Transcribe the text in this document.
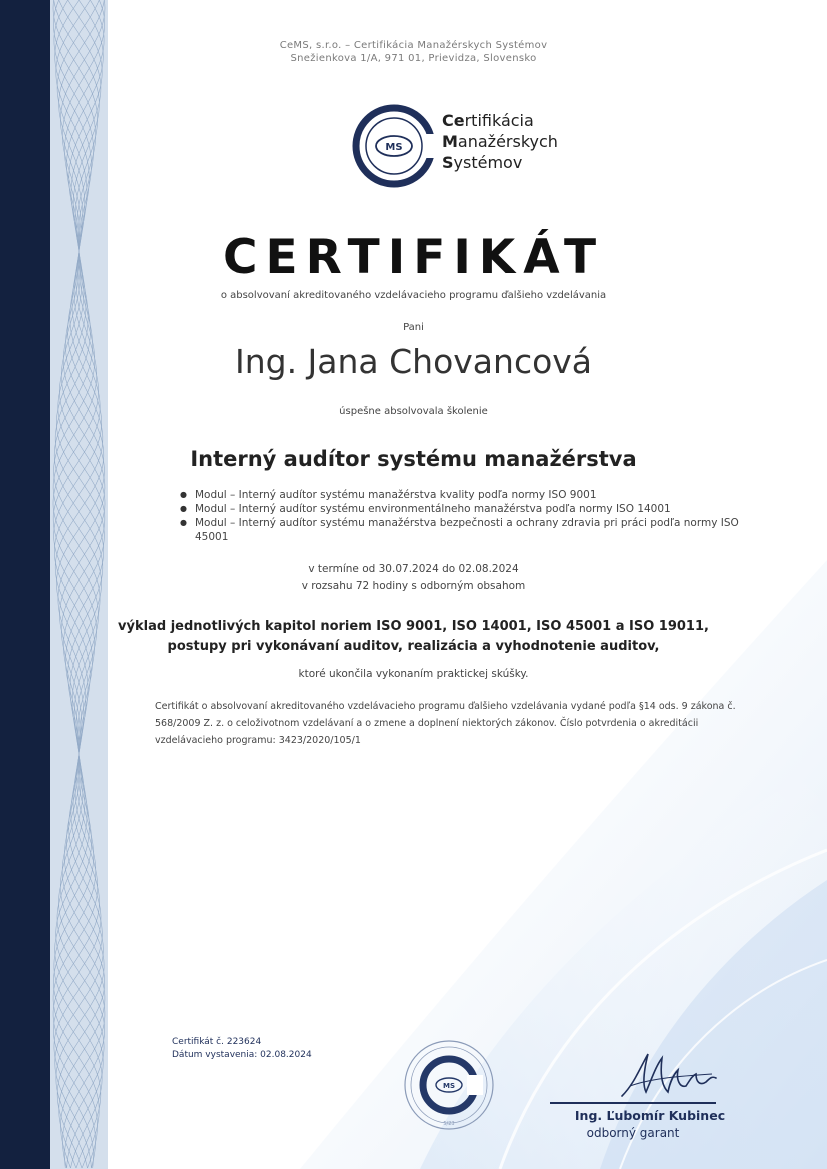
CeMS, s.r.o. – Certifikácia Manažérskych Systémov
Snežienkova 1/A, 971 01, Prievidza, Slovensko
MS
Certifikácia
Manažérskych
Systémov
CERTIFIKÁT
o absolvovaní akreditovaného vzdelávacieho programu ďalšieho vzdelávania
Pani
Ing. Jana Chovancová
úspešne absolvovala školenie
Interný audítor systému manažérstva
● Modul – Interný audítor systému manažérstva kvality podľa normy ISO 9001
● Modul – Interný audítor systému environmentálneho manažérstva podľa normy ISO 14001
● Modul – Interný audítor systému manažérstva bezpečnosti a ochrany zdravia pri práci podľa normy ISO 45001
v termíne od 30.07.2024 do 02.08.2024
v rozsahu 72 hodiny s odborným obsahom
výklad jednotlivých kapitol noriem ISO 9001, ISO 14001, ISO 45001 a ISO 19011,
postupy pri vykonávaní auditov, realizácia a vyhodnotenie auditov,
ktoré ukončila vykonaním praktickej skúšky.
Certifikát o absolvovaní akreditovaného vzdelávacieho programu ďalšieho vzdelávania vydané podľa §14 ods. 9 zákona č. 568/2009 Z. z. o celoživotnom vzdelávaní a o zmene a doplnení niektorých zákonov. Číslo potvrdenia o akreditácii vzdelávacieho programu: 3423/2020/105/1
Certifikát č. 223624
Dátum vystavenia: 02.08.2024
MS
5/23
Ing. Ľubomír Kubinec
odborný garant
